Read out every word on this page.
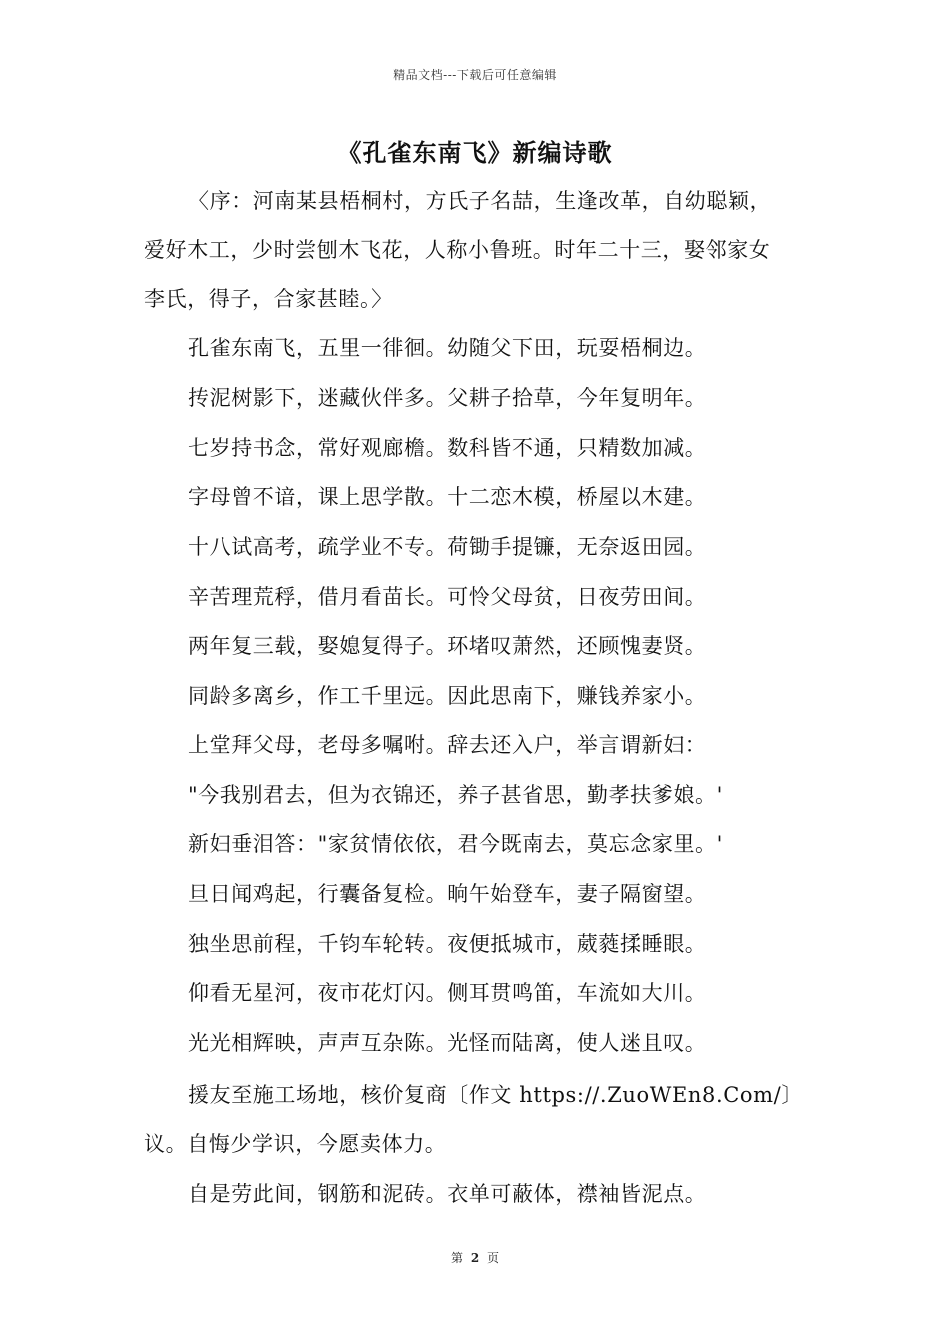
精品文档---下载后可任意编辑
《孔雀东南飞》新编诗歌
〈序：河南某县梧桐村，方氏子名喆，生逢改革，自幼聪颖，
爱好木工，少时尝刨木飞花，人称小鲁班。时年二十三，娶邻家女
李氏，得子，合家甚睦。〉
孔雀东南飞，五里一徘徊。幼随父下田，玩耍梧桐边。
抟泥树影下，迷藏伙伴多。父耕子拾草，今年复明年。
七岁持书念，常好观廊檐。数科皆不通，只精数加减。
字母曾不谙，课上思学散。十二恋木模，桥屋以木建。
十八试高考，疏学业不专。荷锄手提镰，无奈返田园。
辛苦理荒稃，借月看苗长。可怜父母贫，日夜劳田间。
两年复三载，娶媳复得子。环堵叹萧然，还顾愧妻贤。
同龄多离乡，作工千里远。因此思南下，赚钱养家小。
上堂拜父母，老母多嘱咐。辞去还入户，举言谓新妇：
"今我别君去，但为衣锦还，养子甚省思，勤孝扶爹娘。'
新妇垂泪答："家贫情依依，君今既南去，莫忘念家里。'
旦日闻鸡起，行囊备复检。晌午始登车，妻子隔窗望。
独坐思前程，千钧车轮转。夜便抵城市，葳蕤揉睡眼。
仰看无星河，夜市花灯闪。侧耳贯鸣笛，车流如大川。
光光相辉映，声声互杂陈。光怪而陆离，使人迷且叹。
援友至施工场地，核价复商〔作文 https://.ZuoWEn8.Com/〕
议。自悔少学识，今愿卖体力。
自是劳此间，钢筋和泥砖。衣单可蔽体，襟袖皆泥点。
第 2 页
